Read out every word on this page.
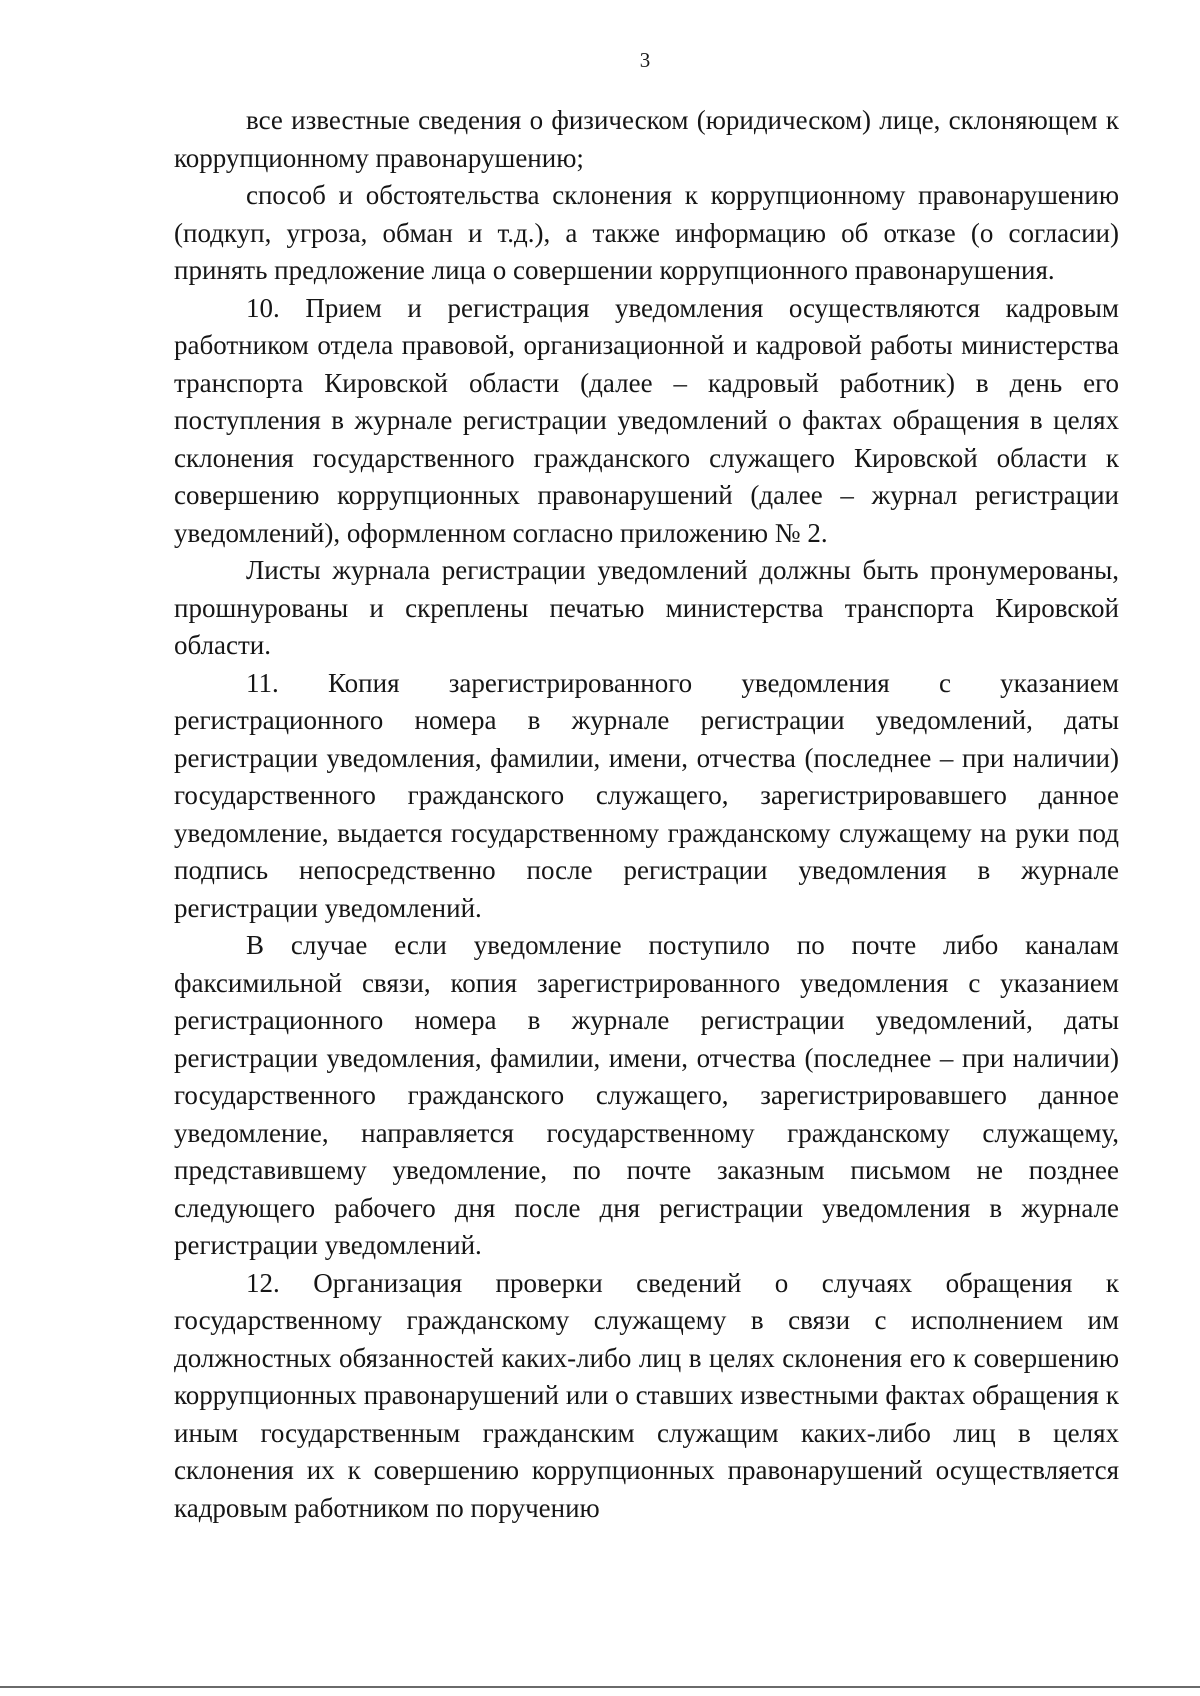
3

все известные сведения о физическом (юридическом) лице, склоняющем к коррупционному правонарушению;

способ и обстоятельства склонения к коррупционному правонарушению (подкуп, угроза, обман и т.д.), а также информацию об отказе (о согласии) принять предложение лица о совершении коррупционного правонарушения.

10. Прием и регистрация уведомления осуществляются кадровым работником отдела правовой, организационной и кадровой работы министерства транспорта Кировской области (далее – кадровый работник) в день его поступления в журнале регистрации уведомлений о фактах обращения в целях склонения государственного гражданского служащего Кировской области к совершению коррупционных правонарушений (далее – журнал регистрации уведомлений), оформленном согласно приложению № 2.

Листы журнала регистрации уведомлений должны быть пронумерованы, прошнурованы и скреплены печатью министерства транспорта Кировской области.

11. Копия зарегистрированного уведомления с указанием регистрационного номера в журнале регистрации уведомлений, даты регистрации уведомления, фамилии, имени, отчества (последнее – при наличии) государственного гражданского служащего, зарегистрировавшего данное уведомление, выдается государственному гражданскому служащему на руки под подпись непосредственно после регистрации уведомления в журнале регистрации уведомлений.

В случае если уведомление поступило по почте либо каналам факсимильной связи, копия зарегистрированного уведомления с указанием регистрационного номера в журнале регистрации уведомлений, даты регистрации уведомления, фамилии, имени, отчества (последнее – при наличии) государственного гражданского служащего, зарегистрировавшего данное уведомление, направляется государственному гражданскому служащему, представившему уведомление, по почте заказным письмом не позднее следующего рабочего дня после дня регистрации уведомления в журнале регистрации уведомлений.

12. Организация проверки сведений о случаях обращения к государственному гражданскому служащему в связи с исполнением им должностных обязанностей каких-либо лиц в целях склонения его к совершению коррупционных правонарушений или о ставших известными фактах обращения к иным государственным гражданским служащим каких-либо лиц в целях склонения их к совершению коррупционных правонарушений осуществляется кадровым работником по поручению
